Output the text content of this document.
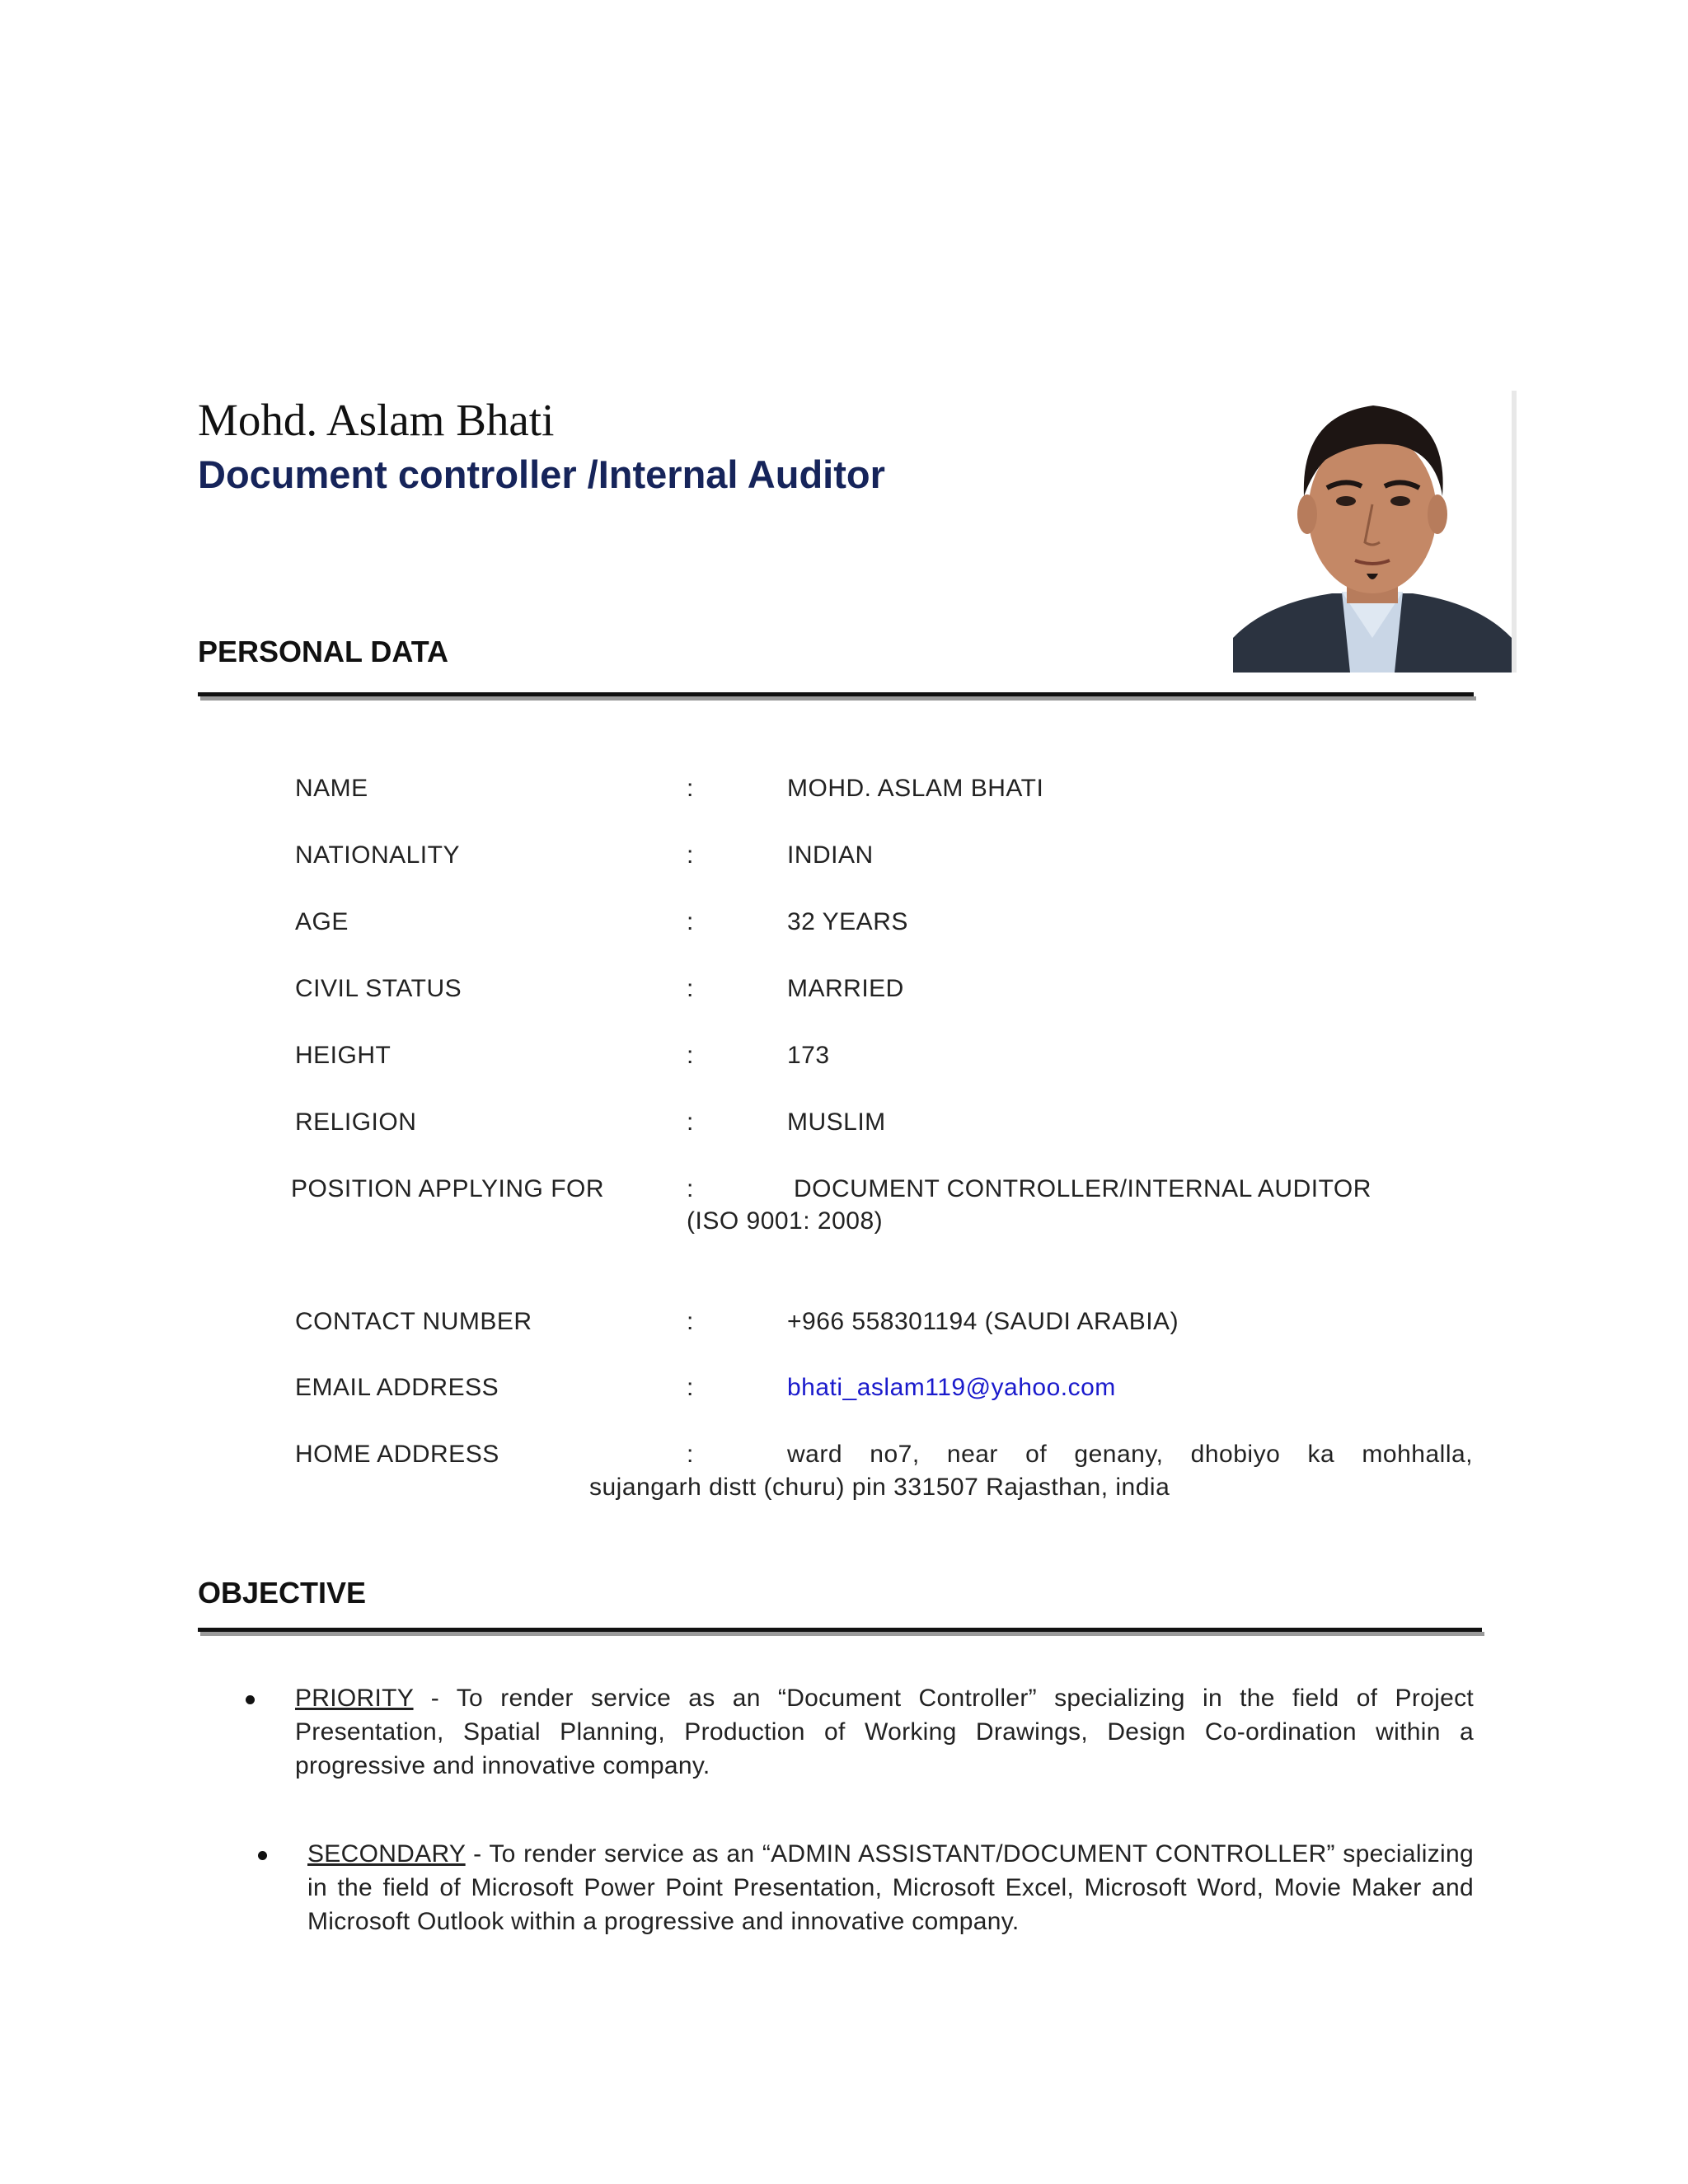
Mohd. Aslam Bhati
Document controller /Internal Auditor
PERSONAL DATA
NAME	:	MOHD. ASLAM BHATI
NATIONALITY	:	INDIAN
AGE	:	32 YEARS
CIVIL STATUS	:	MARRIED
HEIGHT	:	173
RELIGION	:	MUSLIM
POSITION APPLYING FOR	:	DOCUMENT CONTROLLER/INTERNAL AUDITOR
(ISO 9001: 2008)
CONTACT NUMBER	:	+966 558301194 (SAUDI ARABIA)
EMAIL ADDRESS	:	bhati_aslam119@yahoo.com
HOME ADDRESS	:	ward no7, near of genany, dhobiyo ka mohhalla,
sujangarh distt (churu) pin 331507 Rajasthan, india
OBJECTIVE
PRIORITY - To render service as an “Document Controller” specializing in the field of Project Presentation, Spatial Planning, Production of Working Drawings, Design Co-ordination within a progressive and innovative company.
SECONDARY - To render service as an “ADMIN ASSISTANT/DOCUMENT CONTROLLER” specializing in the field of Microsoft Power Point Presentation, Microsoft Excel, Microsoft Word, Movie Maker and Microsoft Outlook within a progressive and innovative company.
